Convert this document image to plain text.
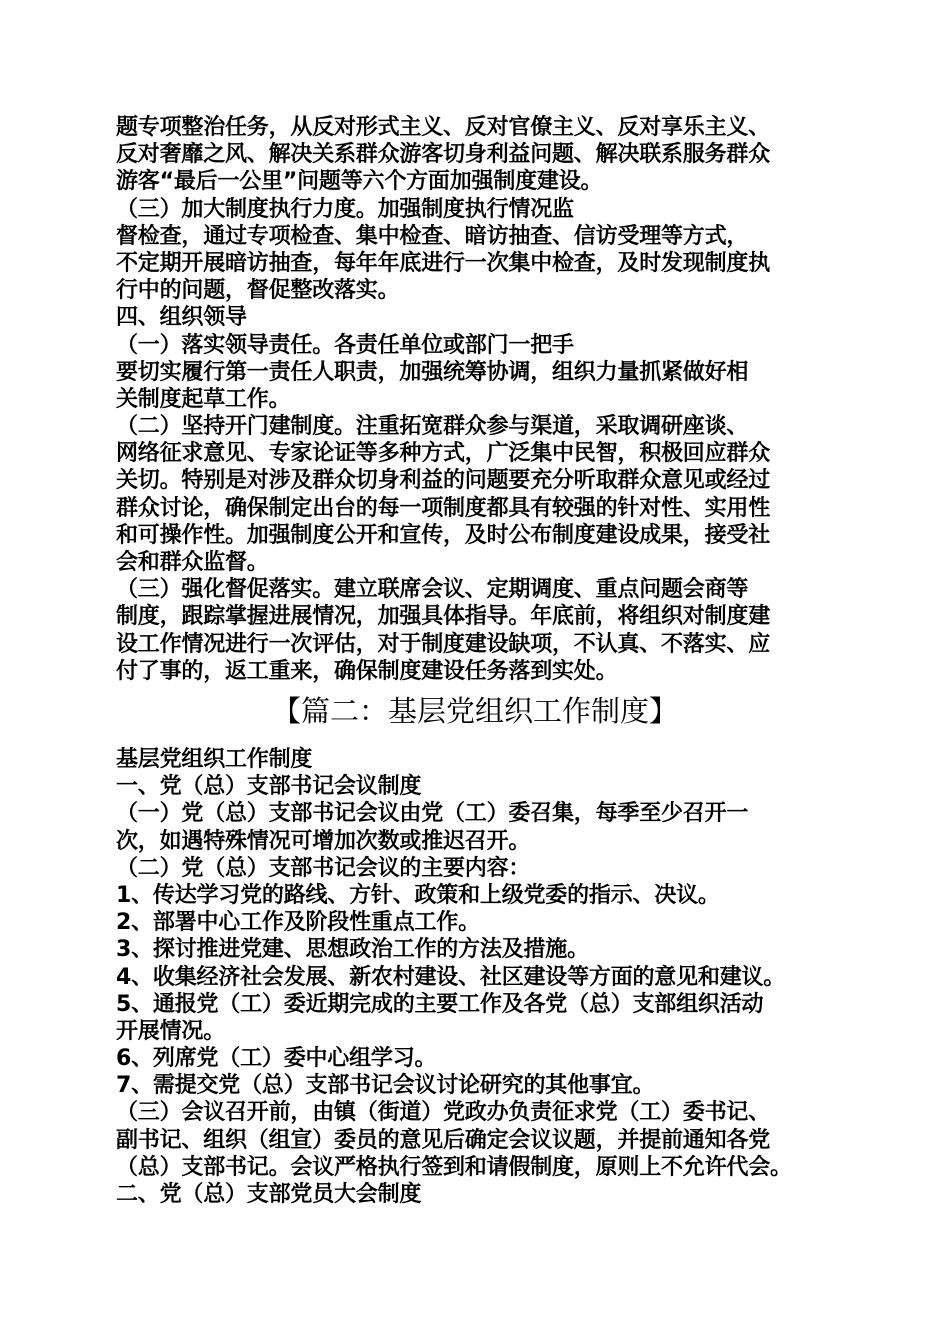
题专项整治任务，从反对形式主义、反对官僚主义、反对享乐主义、
反对奢靡之风、解决关系群众游客切身利益问题、解决联系服务群众
游客“最后一公里”问题等六个方面加强制度建设。
（三）加大制度执行力度。加强制度执行情况监
督检查，通过专项检查、集中检查、暗访抽查、信访受理等方式，
不定期开展暗访抽查，每年年底进行一次集中检查，及时发现制度执
行中的问题，督促整改落实。
四、组织领导
（一）落实领导责任。各责任单位或部门一把手
要切实履行第一责任人职责，加强统筹协调，组织力量抓紧做好相
关制度起草工作。
（二）坚持开门建制度。注重拓宽群众参与渠道，采取调研座谈、
网络征求意见、专家论证等多种方式，广泛集中民智，积极回应群众
关切。特别是对涉及群众切身利益的问题要充分听取群众意见或经过
群众讨论，确保制定出台的每一项制度都具有较强的针对性、实用性
和可操作性。加强制度公开和宣传，及时公布制度建设成果，接受社
会和群众监督。
（三）强化督促落实。建立联席会议、定期调度、重点问题会商等
制度，跟踪掌握进展情况，加强具体指导。年底前，将组织对制度建
设工作情况进行一次评估，对于制度建设缺项，不认真、不落实、应
付了事的，返工重来，确保制度建设任务落到实处。
【篇二：基层党组织工作制度】
基层党组织工作制度
一、党（总）支部书记会议制度
（一）党（总）支部书记会议由党（工）委召集，每季至少召开一
次，如遇特殊情况可增加次数或推迟召开。
（二）党（总）支部书记会议的主要内容：
1、传达学习党的路线、方针、政策和上级党委的指示、决议。
2、部署中心工作及阶段性重点工作。
3、探讨推进党建、思想政治工作的方法及措施。
4、收集经济社会发展、新农村建设、社区建设等方面的意见和建议。
5、通报党（工）委近期完成的主要工作及各党（总）支部组织活动
开展情况。
6、列席党（工）委中心组学习。
7、需提交党（总）支部书记会议讨论研究的其他事宜。
（三）会议召开前，由镇（街道）党政办负责征求党（工）委书记、
副书记、组织（组宣）委员的意见后确定会议议题，并提前通知各党
（总）支部书记。会议严格执行签到和请假制度，原则上不允许代会。
二、党（总）支部党员大会制度
